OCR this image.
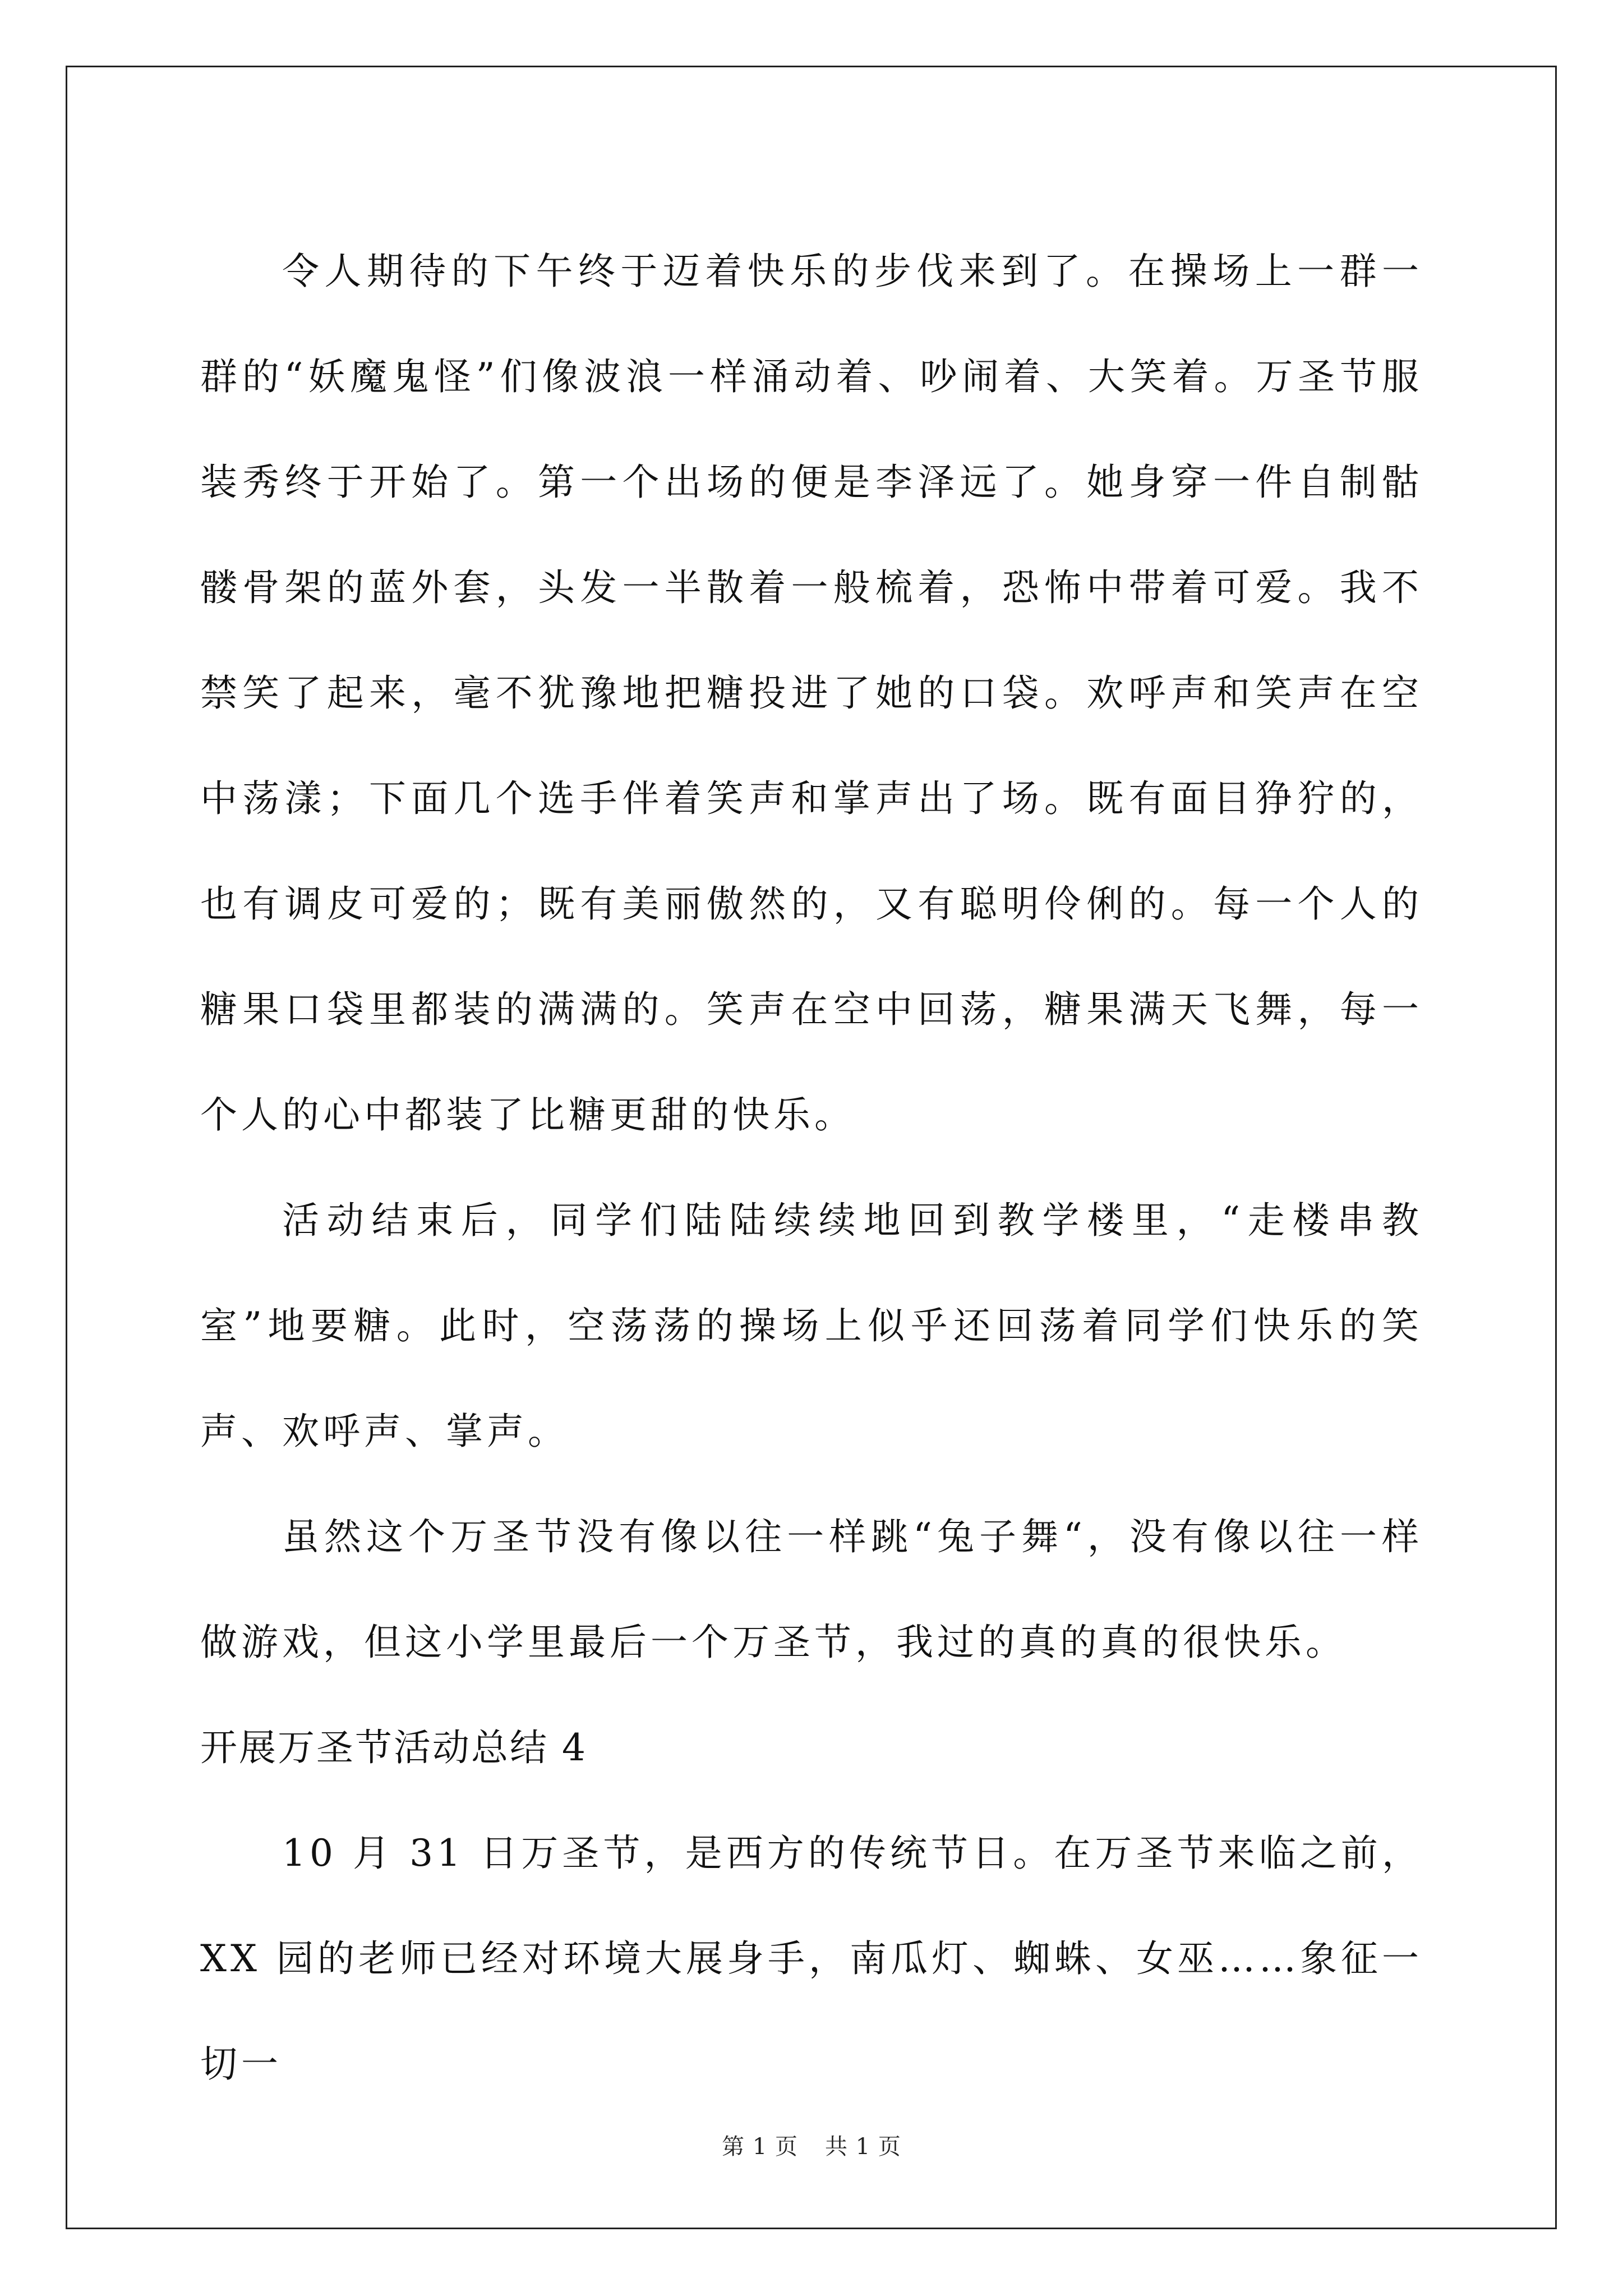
令人期待的下午终于迈着快乐的步伐来到了。在操场上一群一群的“妖魔鬼怪”们像波浪一样涌动着、吵闹着、大笑着。万圣节服装秀终于开始了。第一个出场的便是李泽远了。她身穿一件自制骷髅骨架的蓝外套，头发一半散着一般梳着，恐怖中带着可爱。我不禁笑了起来，毫不犹豫地把糖投进了她的口袋。欢呼声和笑声在空中荡漾；下面几个选手伴着笑声和掌声出了场。既有面目狰狞的，也有调皮可爱的；既有美丽傲然的，又有聪明伶俐的。每一个人的糖果口袋里都装的满满的。笑声在空中回荡，糖果满天飞舞，每一个人的心中都装了比糖更甜的快乐。

活动结束后，同学们陆陆续续地回到教学楼里，“走楼串教室”地要糖。此时，空荡荡的操场上似乎还回荡着同学们快乐的笑声、欢呼声、掌声。

虽然这个万圣节没有像以往一样跳“兔子舞“，没有像以往一样做游戏，但这小学里最后一个万圣节，我过的真的真的很快乐。

开展万圣节活动总结 4

10 月 31 日万圣节，是西方的传统节日。在万圣节来临之前，XX 园的老师已经对环境大展身手，南瓜灯、蜘蛛、女巫……象征一切一

第 1 页 共 1 页
